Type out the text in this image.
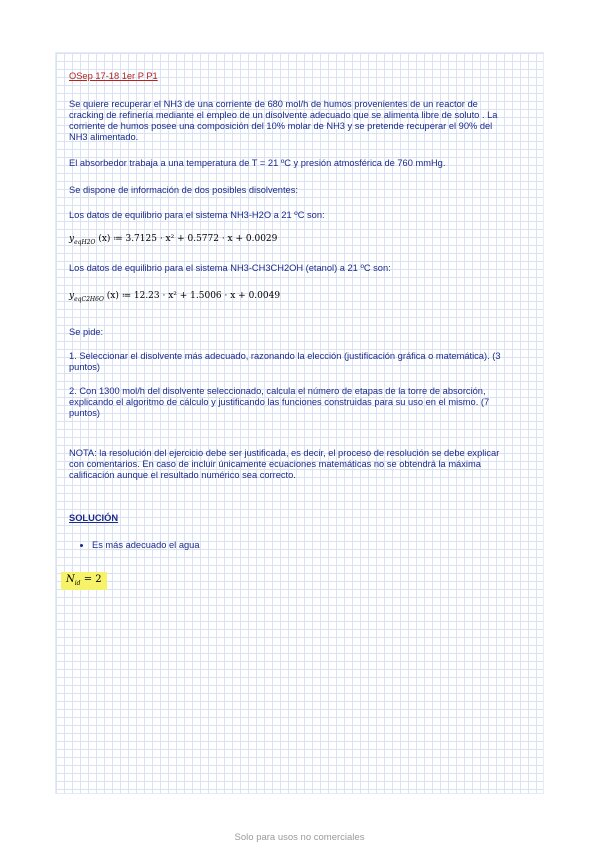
OSep 17-18 1er P P1

Se quiere recuperar el NH3 de una corriente de 680 mol/h de humos provenientes de un reactor de cracking de refinería mediante el empleo de un disolvente adecuado que se alimenta libre de soluto . La corriente de humos posee una composición del 10% molar de NH3 y se pretende recuperar el 90% del NH3 alimentado.

El absorbedor trabaja a una temperatura de T = 21 ºC y presión atmosférica de 760 mmHg.

Se dispone de información de dos posibles disolventes:

Los datos de equilibrio para el sistema NH3-H2O a 21 ºC son:

$y_{eqH2O}$ (x) ≔ 3.7125 · x² + 0.5772 · x + 0.0029

Los datos de equilibrio para el sistema NH3-CH3CH2OH (etanol) a 21 ºC son:

$y_{eqC2H6O}$ (x) ≔ 12.23 · x² + 1.5006 · x + 0.0049

Se pide:

1. Seleccionar el disolvente más adecuado, razonando la elección (justificación gráfica o matemática). (3 puntos)

2. Con 1300 mol/h del disolvente seleccionado, calcula el número de etapas de la torre de absorción, explicando el algoritmo de cálculo y justificando las funciones construidas para su uso en el mismo. (7 puntos)

NOTA: la resolución del ejercicio debe ser justificada, es decir, el proceso de resolución se debe explicar con comentarios. En caso de incluir únicamente ecuaciones matemáticas no se obtendrá la máxima calificación aunque el resultado numérico sea correcto.

SOLUCIÓN

• Es más adecuado el agua
$N_{id} = 2$
Solo para usos no comerciales
